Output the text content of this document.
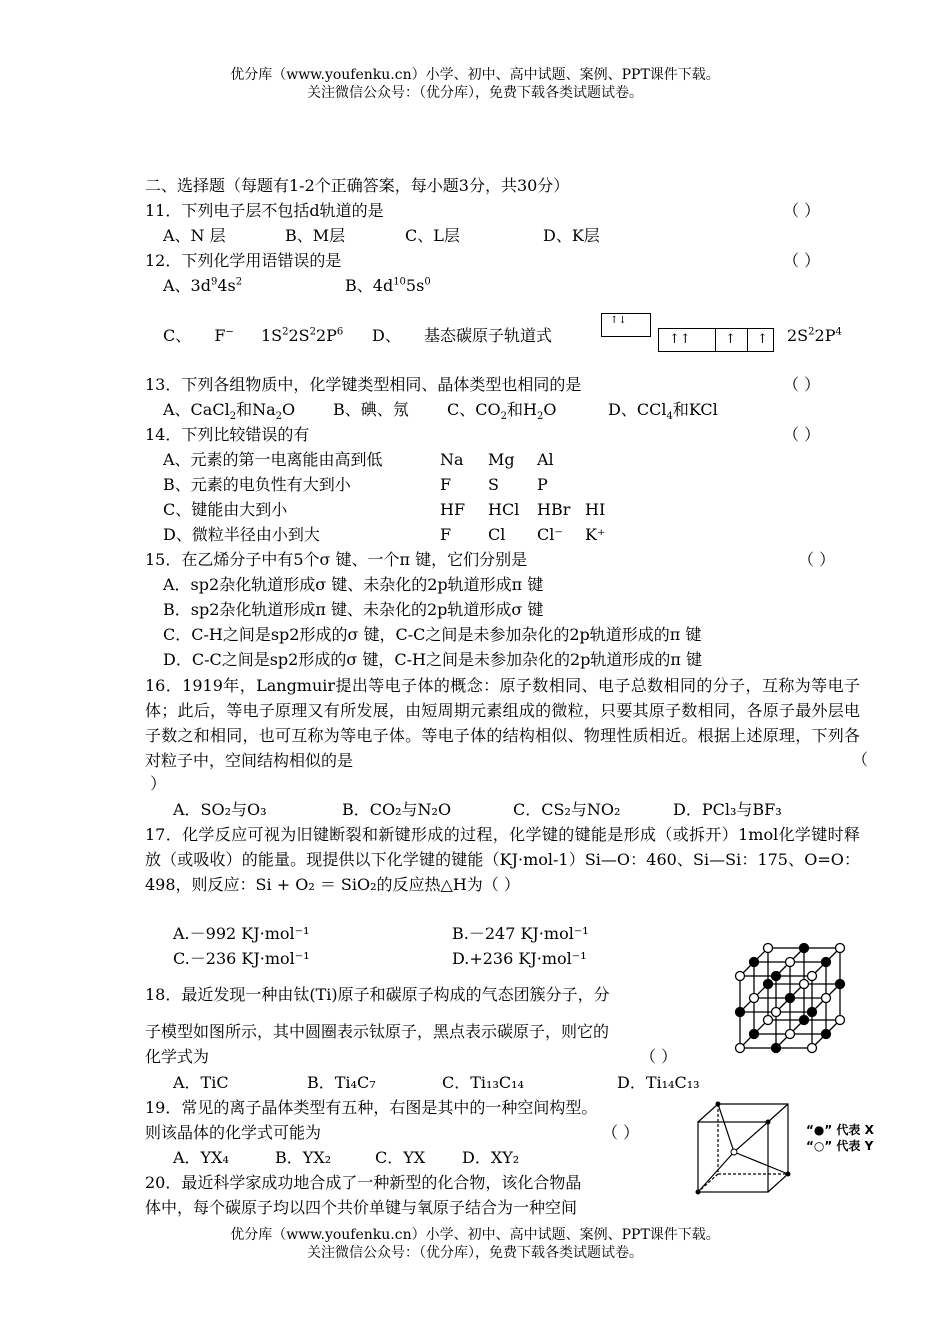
优分库（www.youfenku.cn）小学、初中、高中试题、案例、PPT课件下载。
关注微信公众号：（优分库），免费下载各类试题试卷。
二、选择题（每题有1-2个正确答案，每小题3分，共30分）
11．下列电子层不包括d轨道的是	（ ）
A、N 层	B、M层	C、L层	D、K层
12．下列化学用语错误的是	（ ）
A、$3d^94s^2$	B、$4d^{10}5s^0$
C、 F− $1S^22S^22P^6$ D、 基态碳原子轨道式
↑↓
↑↑	↑ ↑ $2S^22P^4$
13．下列各组物质中，化学键类型相同、晶体类型也相同的是	（ ）
A、CaCl$_2$和$Na_2O$ B、碘、氖 C、$CO_2$和$H_2O$	D、CCl$_4$和KCl
14．下列比较错误的有	（ ）
A、元素的第一电离能由高到低	Na Mg Al
B、元素的电负性有大到小	F S P
C、键能由大到小	HF HCl HBr HI
D、微粒半径由小到大	F Cl Cl⁻ K⁺
15．在乙烯分子中有5个σ 键、一个π 键，它们分别是	（ ）
A．sp2杂化轨道形成σ 键、未杂化的2p轨道形成π 键
B．sp2杂化轨道形成π 键、未杂化的2p轨道形成σ 键
C．C-H之间是sp2形成的σ 键，C-C之间是未参加杂化的2p轨道形成的π 键
D．C-C之间是sp2形成的σ 键，C-H之间是未参加杂化的2p轨道形成的π 键
16．1919年，Langmuir提出等电子体的概念：原子数相同、电子总数相同的分子，互称为等电子体；此后，等电子原理又有所发展，由短周期元素组成的微粒，只要其原子数相同，各原子最外层电子数之和相同，也可互称为等电子体。等电子体的结构相似、物理性质相近。根据上述原理，下列各对粒子中，空间结构相似的是	（
）
A．SO₂与O₃	B．CO₂与N₂O	C．CS₂与NO₂	D．PCl₃与BF₃
17．化学反应可视为旧键断裂和新键形成的过程，化学键的键能是形成（或拆开）1mol化学键时释放（或吸收）的能量。现提供以下化学键的键能（KJ·mol-1）Si—O：460、Si—Si：175、O=O：498，则反应：Si + O₂ ＝ SiO₂的反应热△H为（ ）
A.－992 KJ·mol⁻¹	B.－247 KJ·mol⁻¹
C.－236 KJ·mol⁻¹	D.+236 KJ·mol⁻¹
18．最近发现一种由钛(Ti)原子和碳原子构成的气态团簇分子，分
子模型如图所示，其中圆圈表示钛原子，黑点表示碳原子，则它的
化学式为	（ ）
A．TiC	B．Ti₄C₇	C．Ti₁₃C₁₄	D．Ti₁₄C₁₃
19．常见的离子晶体类型有五种，右图是其中的一种空间构型。
则该晶体的化学式可能为	（ ）
A．YX₄	B．YX₂	C．YX D．XY₂
“●” 代表 X
“○” 代表 Y
20．最近科学家成功地合成了一种新型的化合物，该化合物晶
体中，每个碳原子均以四个共价单键与氧原子结合为一种空间
优分库（www.youfenku.cn）小学、初中、高中试题、案例、PPT课件下载。
关注微信公众号：（优分库），免费下载各类试题试卷。
